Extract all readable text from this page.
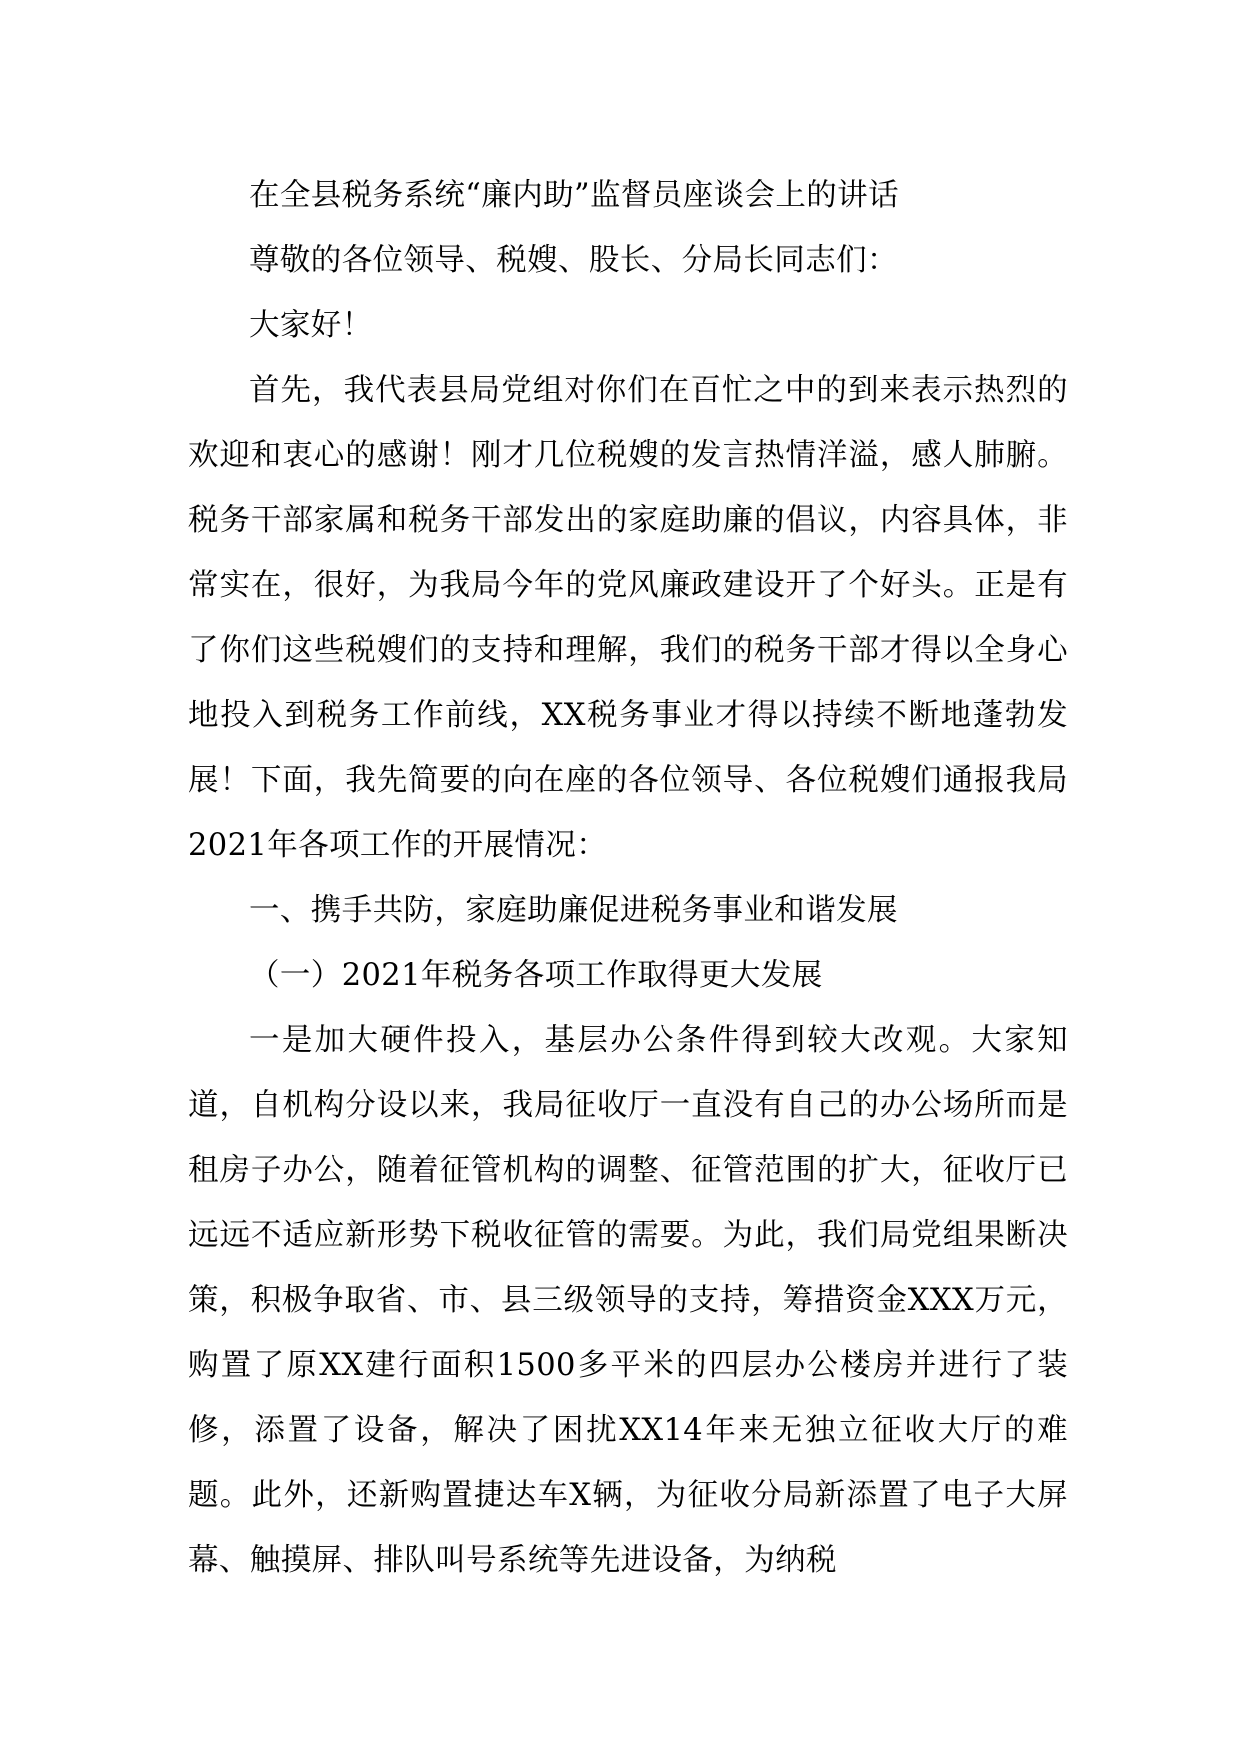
在全县税务系统“廉内助”监督员座谈会上的讲话

尊敬的各位领导、税嫂、股长、分局长同志们：

大家好！

首先，我代表县局党组对你们在百忙之中的到来表示热烈的欢迎和衷心的感谢！刚才几位税嫂的发言热情洋溢，感人肺腑。税务干部家属和税务干部发出的家庭助廉的倡议，内容具体，非常实在，很好，为我局今年的党风廉政建设开了个好头。正是有了你们这些税嫂们的支持和理解，我们的税务干部才得以全身心地投入到税务工作前线，XX税务事业才得以持续不断地蓬勃发展！下面，我先简要的向在座的各位领导、各位税嫂们通报我局2021年各项工作的开展情况：

一、携手共防，家庭助廉促进税务事业和谐发展

（一）2021年税务各项工作取得更大发展

一是加大硬件投入，基层办公条件得到较大改观。大家知道，自机构分设以来，我局征收厅一直没有自己的办公场所而是租房子办公，随着征管机构的调整、征管范围的扩大，征收厅已远远不适应新形势下税收征管的需要。为此，我们局党组果断决策，积极争取省、市、县三级领导的支持，筹措资金XXX万元，购置了原XX建行面积1500多平米的四层办公楼房并进行了装修，添置了设备，解决了困扰XX14年来无独立征收大厅的难题。此外，还新购置捷达车X辆，为征收分局新添置了电子大屏幕、触摸屏、排队叫号系统等先进设备，为纳税
